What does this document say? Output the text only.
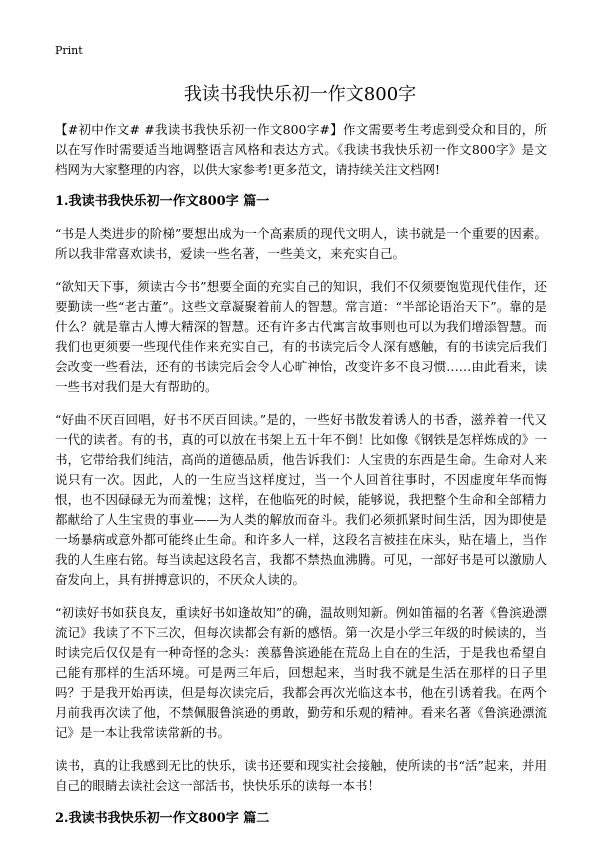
Print
我读书我快乐初一作文800字

【#初中作文# #我读书我快乐初一作文800字#】作文需要考生考虑到受众和目的，所以在写作时需要适当地调整语言风格和表达方式。《我读书我快乐初一作文800字》是文档网为大家整理的内容，以供大家参考!更多范文，请持续关注文档网!

1.我读书我快乐初一作文800字 篇一

“书是人类进步的阶梯”要想出成为一个高素质的现代文明人，读书就是一个重要的因素。所以我非常喜欢读书，爱读一些名著，一些美文，来充实自己。

“欲知天下事，须读古今书”想要全面的充实自己的知识，我们不仅须要饱览现代佳作，还要勤读一些“老古董”。这些文章凝聚着前人的智慧。常言道：“半部论语治天下”。靠的是什么？就是靠古人博大精深的智慧。还有许多古代寓言故事则也可以为我们增添智慧。而我们也更须要一些现代佳作来充实自己，有的书读完后令人深有感触，有的书读完后我们会改变一些看法，还有的书读完后会令人心旷神怡，改变许多不良习惯……由此看来，读一些书对我们是大有帮助的。

“好曲不厌百回唱，好书不厌百回读。”是的，一些好书散发着诱人的书香，滋养着一代又一代的读者。有的书，真的可以放在书架上五十年不倒！比如像《钢铁是怎样炼成的》一书，它带给我们纯洁，高尚的道德品质，他告诉我们：人宝贵的东西是生命。生命对人来说只有一次。因此，人的一生应当这样度过，当一个人回首往事时，不因虚度年华而悔恨，也不因碌碌无为而羞愧；这样，在他临死的时候，能够说，我把整个生命和全部精力都献给了人生宝贵的事业——为人类的解放而奋斗。我们必须抓紧时间生活，因为即使是一场暴病或意外都可能终止生命。和许多人一样，这段名言被挂在床头，贴在墙上，当作我的人生座右铭。每当读起这段名言，我都不禁热血沸腾。可见，一部好书是可以激励人奋发向上，具有拼搏意识的，不厌众人读的。

“初读好书如获良友，重读好书如逢故知”的确，温故则知新。例如笛福的名著《鲁滨逊漂流记》我读了不下三次，但每次读都会有新的感悟。第一次是小学三年级的时候读的，当时读完后仅仅是有一种奇怪的念头：羡慕鲁滨逊能在荒岛上自在的生活，于是我也希望自己能有那样的生活环境。可是两三年后，回想起来，当时我不就是生活在那样的日子里吗？于是我开始再读，但是每次读完后，我都会再次光临这本书，他在引诱着我。在两个月前我再次读了他，不禁佩服鲁滨逊的勇敢，勤劳和乐观的精神。看来名著《鲁滨逊漂流记》是一本让我常读常新的书。

读书，真的让我感到无比的快乐，读书还要和现实社会接触，使所读的书“活”起来，并用自己的眼睛去读社会这一部活书，快快乐乐的读每一本书！

2.我读书我快乐初一作文800字 篇二
